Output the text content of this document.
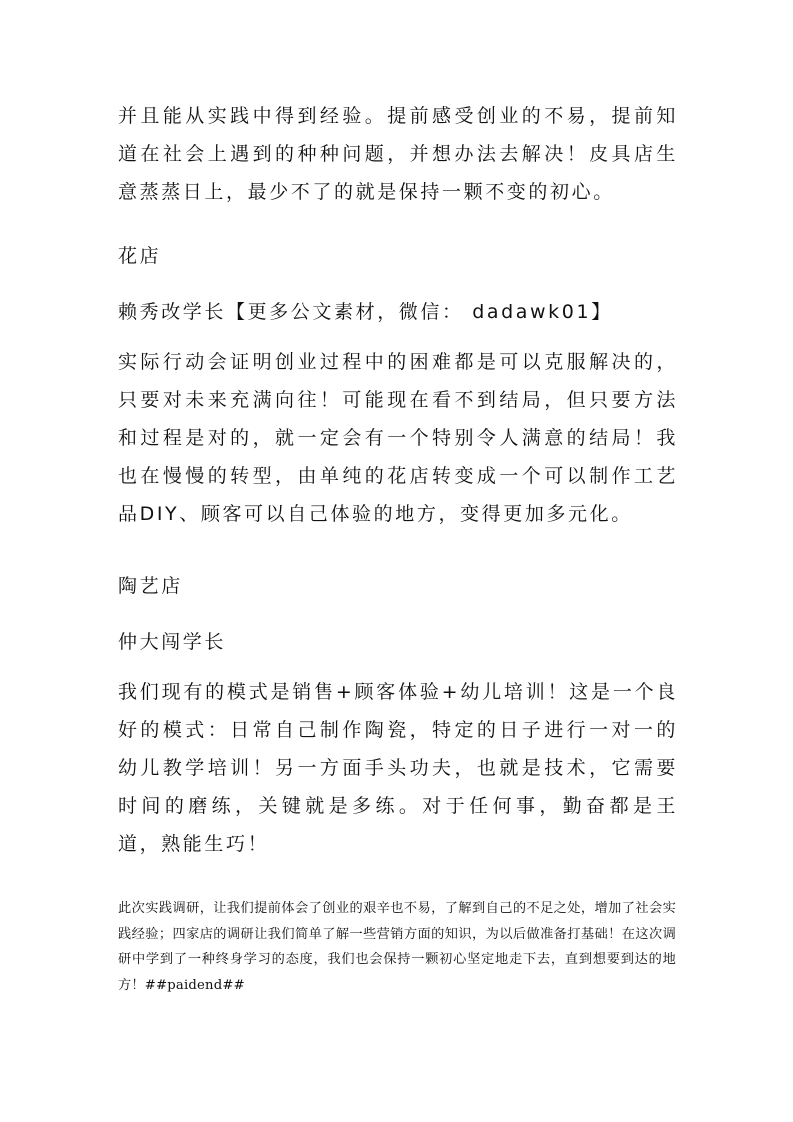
并且能从实践中得到经验。提前感受创业的不易，提前知道在社会上遇到的种种问题，并想办法去解决！皮具店生意蒸蒸日上，最少不了的就是保持一颗不变的初心。

花店

赖秀改学长【更多公文素材，微信： dadawk01】

实际行动会证明创业过程中的困难都是可以克服解决的，只要对未来充满向往！可能现在看不到结局，但只要方法和过程是对的，就一定会有一个特别令人满意的结局！我也在慢慢的转型，由单纯的花店转变成一个可以制作工艺品DIY、顾客可以自己体验的地方，变得更加多元化。

陶艺店

仲大闯学长

我们现有的模式是销售+顾客体验+幼儿培训！这是一个良好的模式：日常自己制作陶瓷，特定的日子进行一对一的幼儿教学培训！另一方面手头功夫，也就是技术，它需要时间的磨练，关键就是多练。对于任何事，勤奋都是王道，熟能生巧！

此次实践调研，让我们提前体会了创业的艰辛也不易，了解到自己的不足之处，增加了社会实践经验；四家店的调研让我们简单了解一些营销方面的知识，为以后做准备打基础！在这次调研中学到了一种终身学习的态度，我们也会保持一颗初心坚定地走下去，直到想要到达的地方！##paidend##
